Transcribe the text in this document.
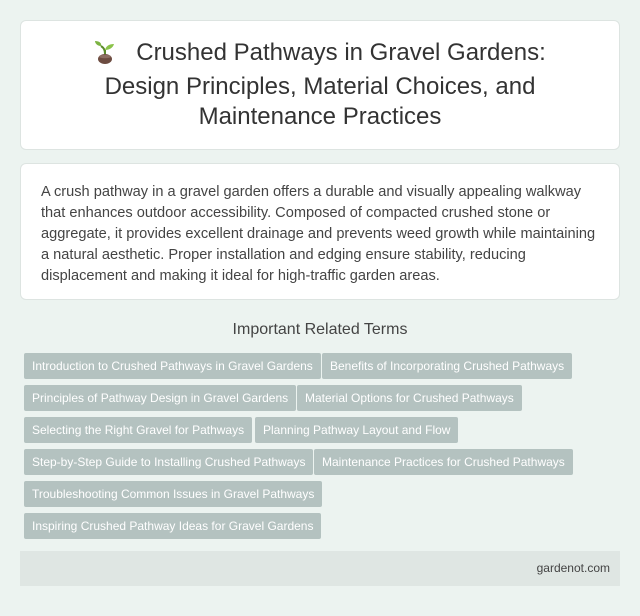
Crushed Pathways in Gravel Gardens: Design Principles, Material Choices, and Maintenance Practices

A crush pathway in a gravel garden offers a durable and visually appealing walkway that enhances outdoor accessibility. Composed of compacted crushed stone or aggregate, it provides excellent drainage and prevents weed growth while maintaining a natural aesthetic. Proper installation and edging ensure stability, reducing displacement and making it ideal for high-traffic garden areas.

Important Related Terms
Introduction to Crushed Pathways in Gravel Gardens	Benefits of Incorporating Crushed Pathways
Principles of Pathway Design in Gravel Gardens	Material Options for Crushed Pathways
Selecting the Right Gravel for Pathways	Planning Pathway Layout and Flow
Step-by-Step Guide to Installing Crushed Pathways	Maintenance Practices for Crushed Pathways
Troubleshooting Common Issues in Gravel Pathways
Inspiring Crushed Pathway Ideas for Gravel Gardens
gardenot.com
